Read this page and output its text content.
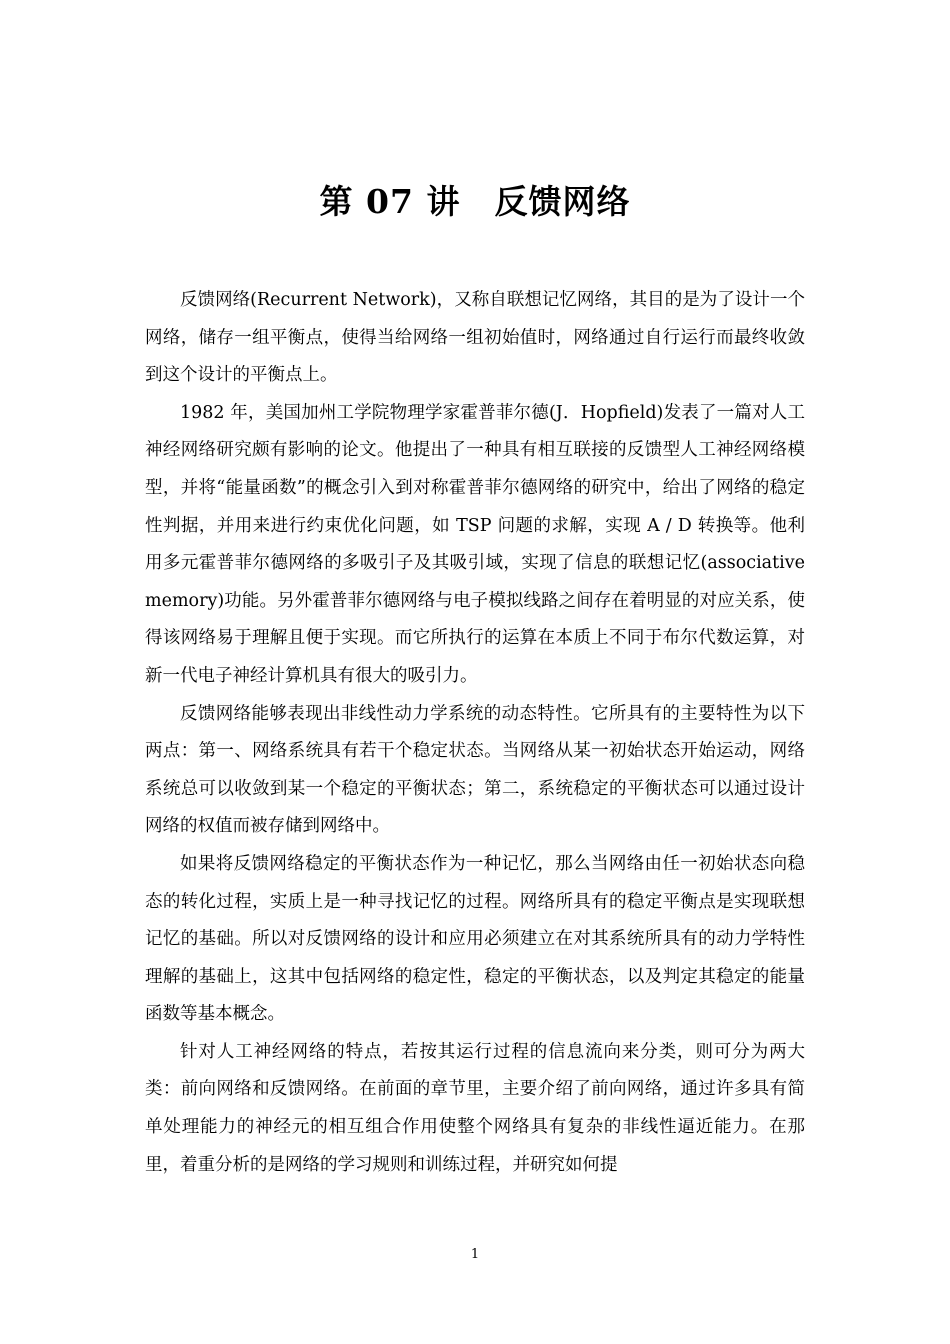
第 07 讲　反馈网络

反馈网络(Recurrent Network)，又称自联想记忆网络，其目的是为了设计一个网络，储存一组平衡点，使得当给网络一组初始值时，网络通过自行运行而最终收敛到这个设计的平衡点上。

1982 年，美国加州工学院物理学家霍普菲尔德(J．Hopfield)发表了一篇对人工神经网络研究颇有影响的论文。他提出了一种具有相互联接的反馈型人工神经网络模型，并将“能量函数”的概念引入到对称霍普菲尔德网络的研究中，给出了网络的稳定性判据，并用来进行约束优化问题，如 TSP 问题的求解，实现 A / D 转换等。他利用多元霍普菲尔德网络的多吸引子及其吸引域，实现了信息的联想记忆(associative memory)功能。另外霍普菲尔德网络与电子模拟线路之间存在着明显的对应关系，使得该网络易于理解且便于实现。而它所执行的运算在本质上不同于布尔代数运算，对新一代电子神经计算机具有很大的吸引力。

反馈网络能够表现出非线性动力学系统的动态特性。它所具有的主要特性为以下两点：第一、网络系统具有若干个稳定状态。当网络从某一初始状态开始运动，网络系统总可以收敛到某一个稳定的平衡状态；第二，系统稳定的平衡状态可以通过设计网络的权值而被存储到网络中。

如果将反馈网络稳定的平衡状态作为一种记忆，那么当网络由任一初始状态向稳态的转化过程，实质上是一种寻找记忆的过程。网络所具有的稳定平衡点是实现联想记忆的基础。所以对反馈网络的设计和应用必须建立在对其系统所具有的动力学特性理解的基础上，这其中包括网络的稳定性，稳定的平衡状态，以及判定其稳定的能量函数等基本概念。

针对人工神经网络的特点，若按其运行过程的信息流向来分类，则可分为两大类：前向网络和反馈网络。在前面的章节里，主要介绍了前向网络，通过许多具有简单处理能力的神经元的相互组合作用使整个网络具有复杂的非线性逼近能力。在那里，着重分析的是网络的学习规则和训练过程，并研究如何提

1
